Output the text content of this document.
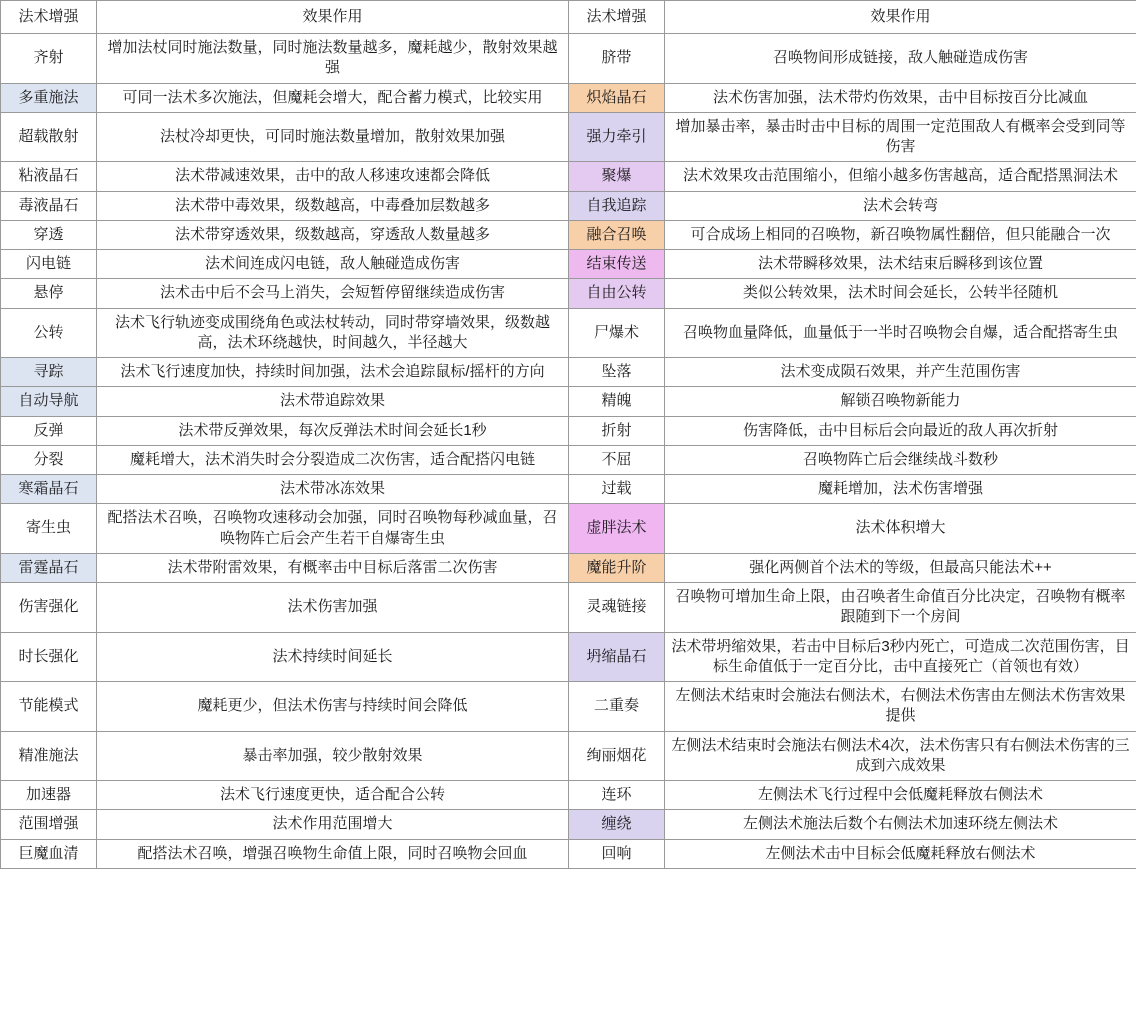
法术增强	效果作用	法术增强	效果作用
齐射	增加法杖同时施法数量，同时施法数量越多，魔耗越少，散射效果越强	脐带	召唤物间形成链接，敌人触碰造成伤害
多重施法	可同一法术多次施法，但魔耗会增大，配合蓄力模式，比较实用	炽焰晶石	法术伤害加强，法术带灼伤效果，击中目标按百分比减血
超载散射	法杖冷却更快，可同时施法数量增加，散射效果加强	强力牵引	增加暴击率，暴击时击中目标的周围一定范围敌人有概率会受到同等伤害
粘液晶石	法术带减速效果，击中的敌人移速攻速都会降低	聚爆	法术效果攻击范围缩小，但缩小越多伤害越高，适合配搭黑洞法术
毒液晶石	法术带中毒效果，级数越高，中毒叠加层数越多	自我追踪	法术会转弯
穿透	法术带穿透效果，级数越高，穿透敌人数量越多	融合召唤	可合成场上相同的召唤物，新召唤物属性翻倍，但只能融合一次
闪电链	法术间连成闪电链，敌人触碰造成伤害	结束传送	法术带瞬移效果，法术结束后瞬移到该位置
悬停	法术击中后不会马上消失，会短暂停留继续造成伤害	自由公转	类似公转效果，法术时间会延长，公转半径随机
公转	法术飞行轨迹变成围绕角色或法杖转动，同时带穿墙效果，级数越高，法术环绕越快，时间越久，半径越大	尸爆术	召唤物血量降低，血量低于一半时召唤物会自爆，适合配搭寄生虫
寻踪	法术飞行速度加快，持续时间加强，法术会追踪鼠标/摇杆的方向	坠落	法术变成陨石效果，并产生范围伤害
自动导航	法术带追踪效果	精魄	解锁召唤物新能力
反弹	法术带反弹效果，每次反弹法术时间会延长1秒	折射	伤害降低，击中目标后会向最近的敌人再次折射
分裂	魔耗增大，法术消失时会分裂造成二次伤害，适合配搭闪电链	不屈	召唤物阵亡后会继续战斗数秒
寒霜晶石	法术带冰冻效果	过载	魔耗增加，法术伤害增强
寄生虫	配搭法术召唤，召唤物攻速移动会加强，同时召唤物每秒减血量，召唤物阵亡后会产生若干自爆寄生虫	虚胖法术	法术体积增大
雷霆晶石	法术带附雷效果，有概率击中目标后落雷二次伤害	魔能升阶	强化两侧首个法术的等级，但最高只能法术++
伤害强化	法术伤害加强	灵魂链接	召唤物可增加生命上限，由召唤者生命值百分比决定，召唤物有概率跟随到下一个房间
时长强化	法术持续时间延长	坍缩晶石	法术带坍缩效果，若击中目标后3秒内死亡，可造成二次范围伤害，目标生命值低于一定百分比，击中直接死亡（首领也有效）
节能模式	魔耗更少，但法术伤害与持续时间会降低	二重奏	左侧法术结束时会施法右侧法术，右侧法术伤害由左侧法术伤害效果提供
精准施法	暴击率加强，较少散射效果	绚丽烟花	左侧法术结束时会施法右侧法术4次，法术伤害只有右侧法术伤害的三成到六成效果
加速器	法术飞行速度更快，适合配合公转	连环	左侧法术飞行过程中会低魔耗释放右侧法术
范围增强	法术作用范围增大	缠绕	左侧法术施法后数个右侧法术加速环绕左侧法术
巨魔血清	配搭法术召唤，增强召唤物生命值上限，同时召唤物会回血	回响	左侧法术击中目标会低魔耗释放右侧法术
